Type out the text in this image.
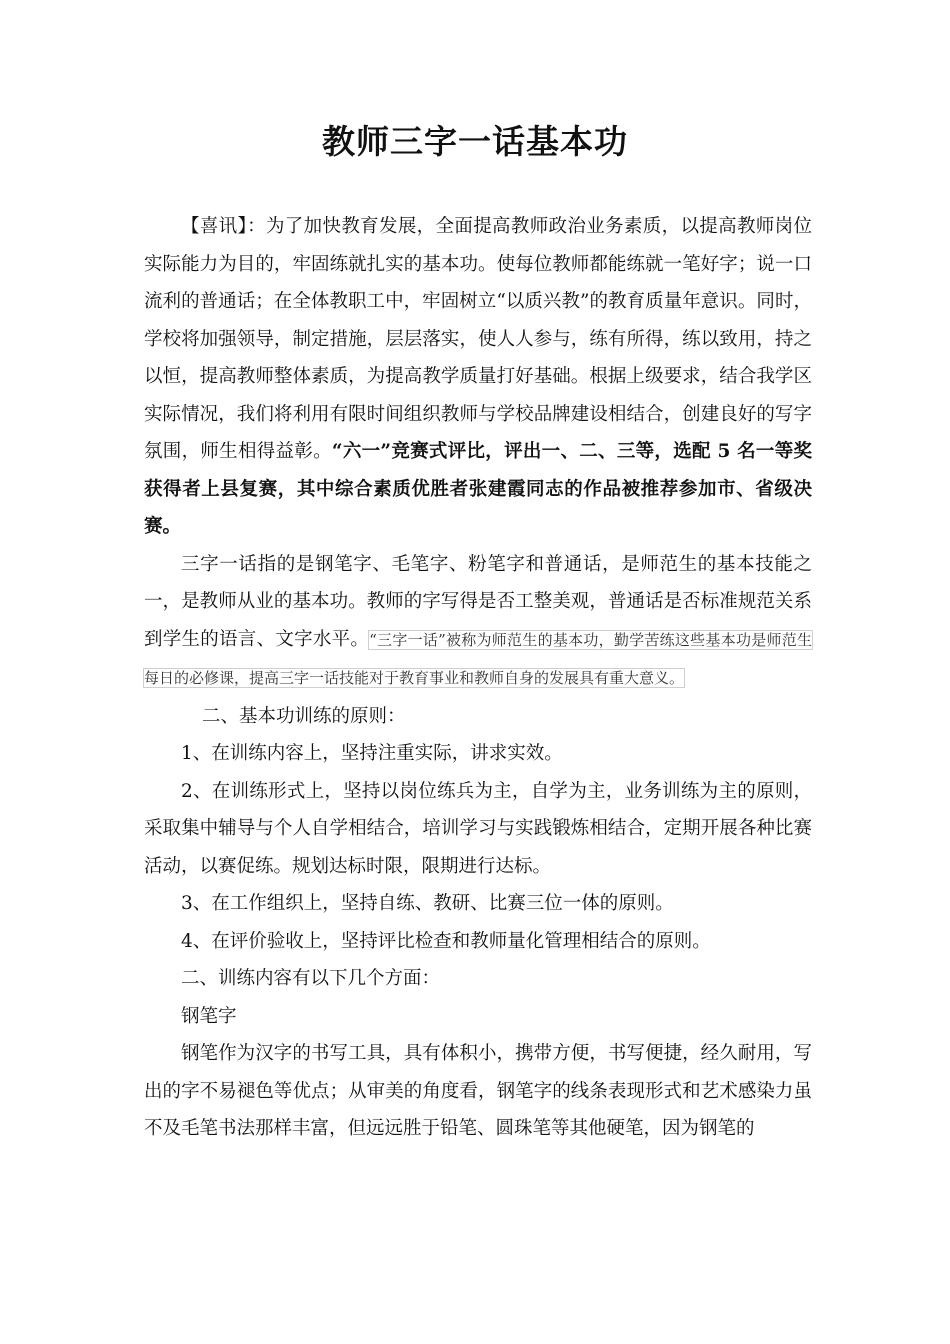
教师三字一话基本功

【喜讯】：为了加快教育发展，全面提高教师政治业务素质，以提高教师岗位实际能力为目的，牢固练就扎实的基本功。使每位教师都能练就一笔好字；说一口流利的普通话；在全体教职工中，牢固树立“以质兴教”的教育质量年意识。同时，学校将加强领导，制定措施，层层落实，使人人参与，练有所得，练以致用，持之以恒，提高教师整体素质，为提高教学质量打好基础。根据上级要求，结合我学区实际情况，我们将利用有限时间组织教师与学校品牌建设相结合，创建良好的写字氛围，师生相得益彰。“六一”竞赛式评比，评出一、二、三等，选配 5 名一等奖获得者上县复赛，其中综合素质优胜者张建霞同志的作品被推荐参加市、省级决赛。

三字一话指的是钢笔字、毛笔字、粉笔字和普通话，是师范生的基本技能之一，是教师从业的基本功。教师的字写得是否工整美观，普通话是否标准规范关系到学生的语言、文字水平。“三字一话”被称为师范生的基本功，勤学苦练这些基本功是师范生每日的必修课，提高三字一话技能对于教育事业和教师自身的发展具有重大意义。

二、基本功训练的原则：

1、在训练内容上，坚持注重实际，讲求实效。

2、在训练形式上，坚持以岗位练兵为主，自学为主，业务训练为主的原则，采取集中辅导与个人自学相结合，培训学习与实践锻炼相结合，定期开展各种比赛活动，以赛促练。规划达标时限，限期进行达标。

3、在工作组织上，坚持自练、教研、比赛三位一体的原则。

4、在评价验收上，坚持评比检查和教师量化管理相结合的原则。

二、训练内容有以下几个方面：

钢笔字

钢笔作为汉字的书写工具，具有体积小，携带方便，书写便捷，经久耐用，写出的字不易褪色等优点；从审美的角度看，钢笔字的线条表现形式和艺术感染力虽不及毛笔书法那样丰富，但远远胜于铅笔、圆珠笔等其他硬笔，因为钢笔的
